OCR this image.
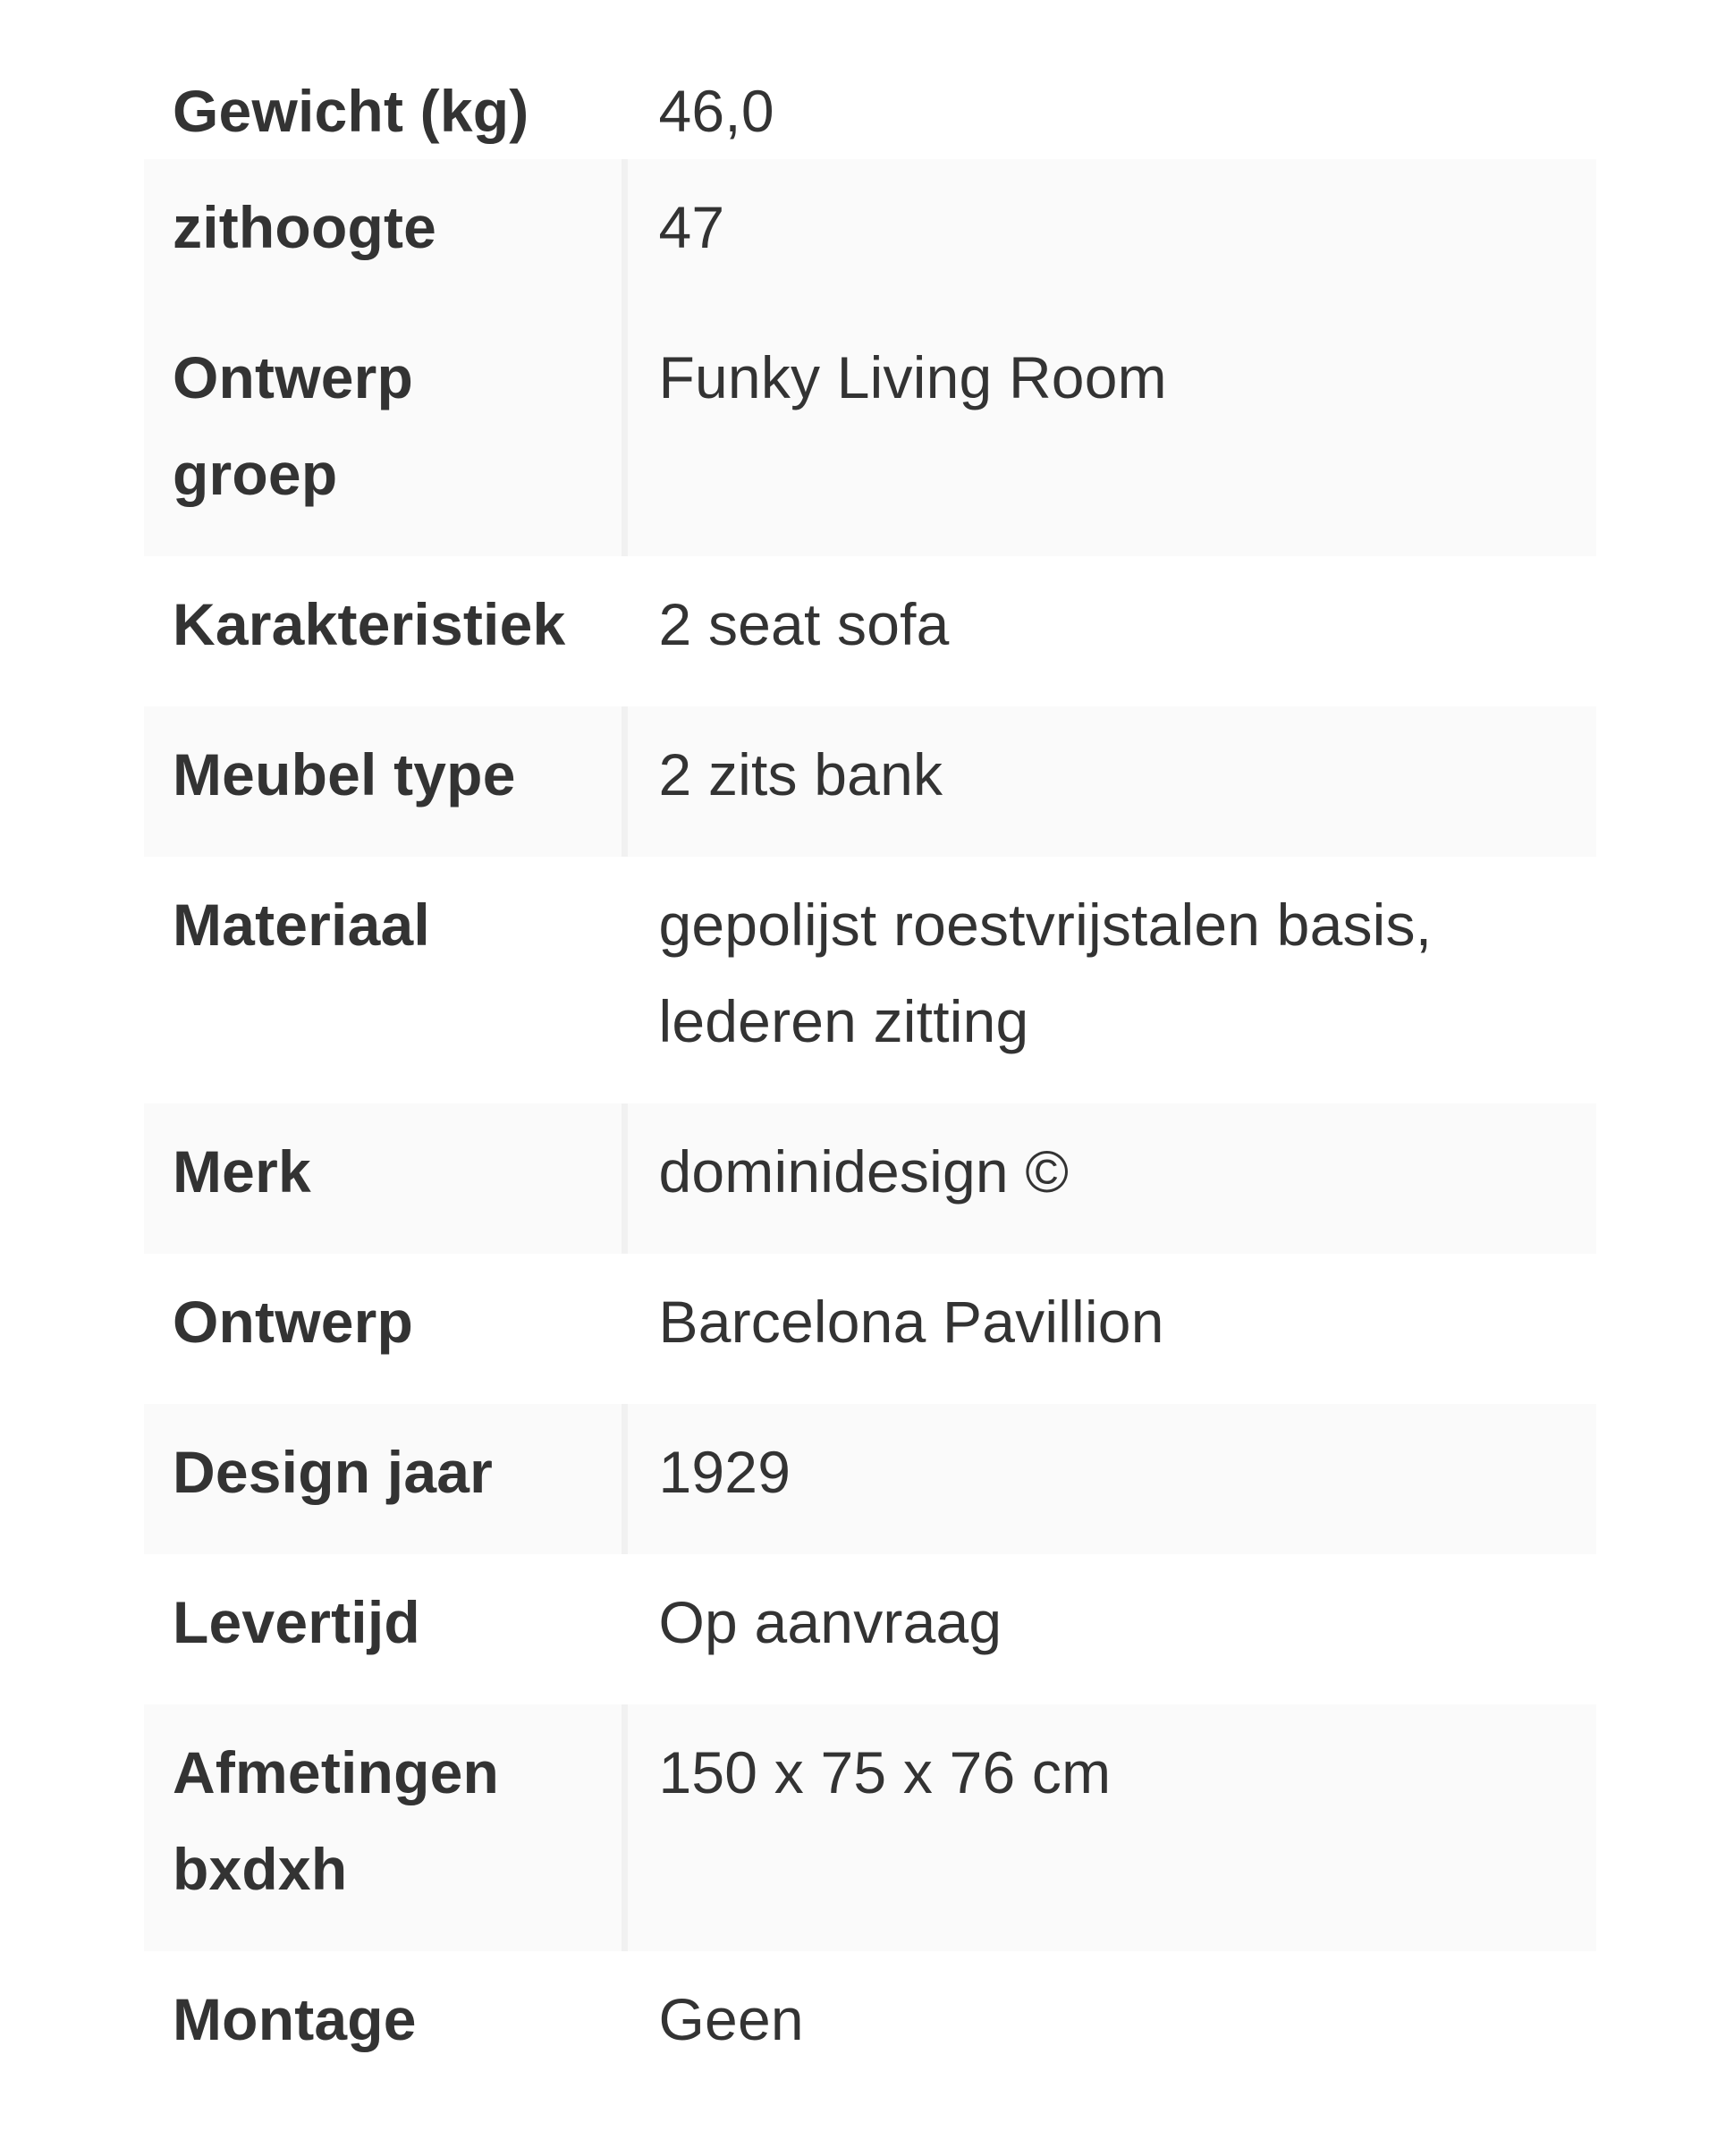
Gewicht (kg)	46,0
zithoogte	47
Ontwerp groep	Funky Living Room
Karakteristiek	2 seat sofa
Meubel type	2 zits bank
Materiaal	gepolijst roestvrijstalen basis, lederen zitting
Merk	dominidesign ©
Ontwerp	Barcelona Pavillion
Design jaar	1929
Levertijd	Op aanvraag
Afmetingen bxdxh	150 x 75 x 76 cm
Montage	Geen
